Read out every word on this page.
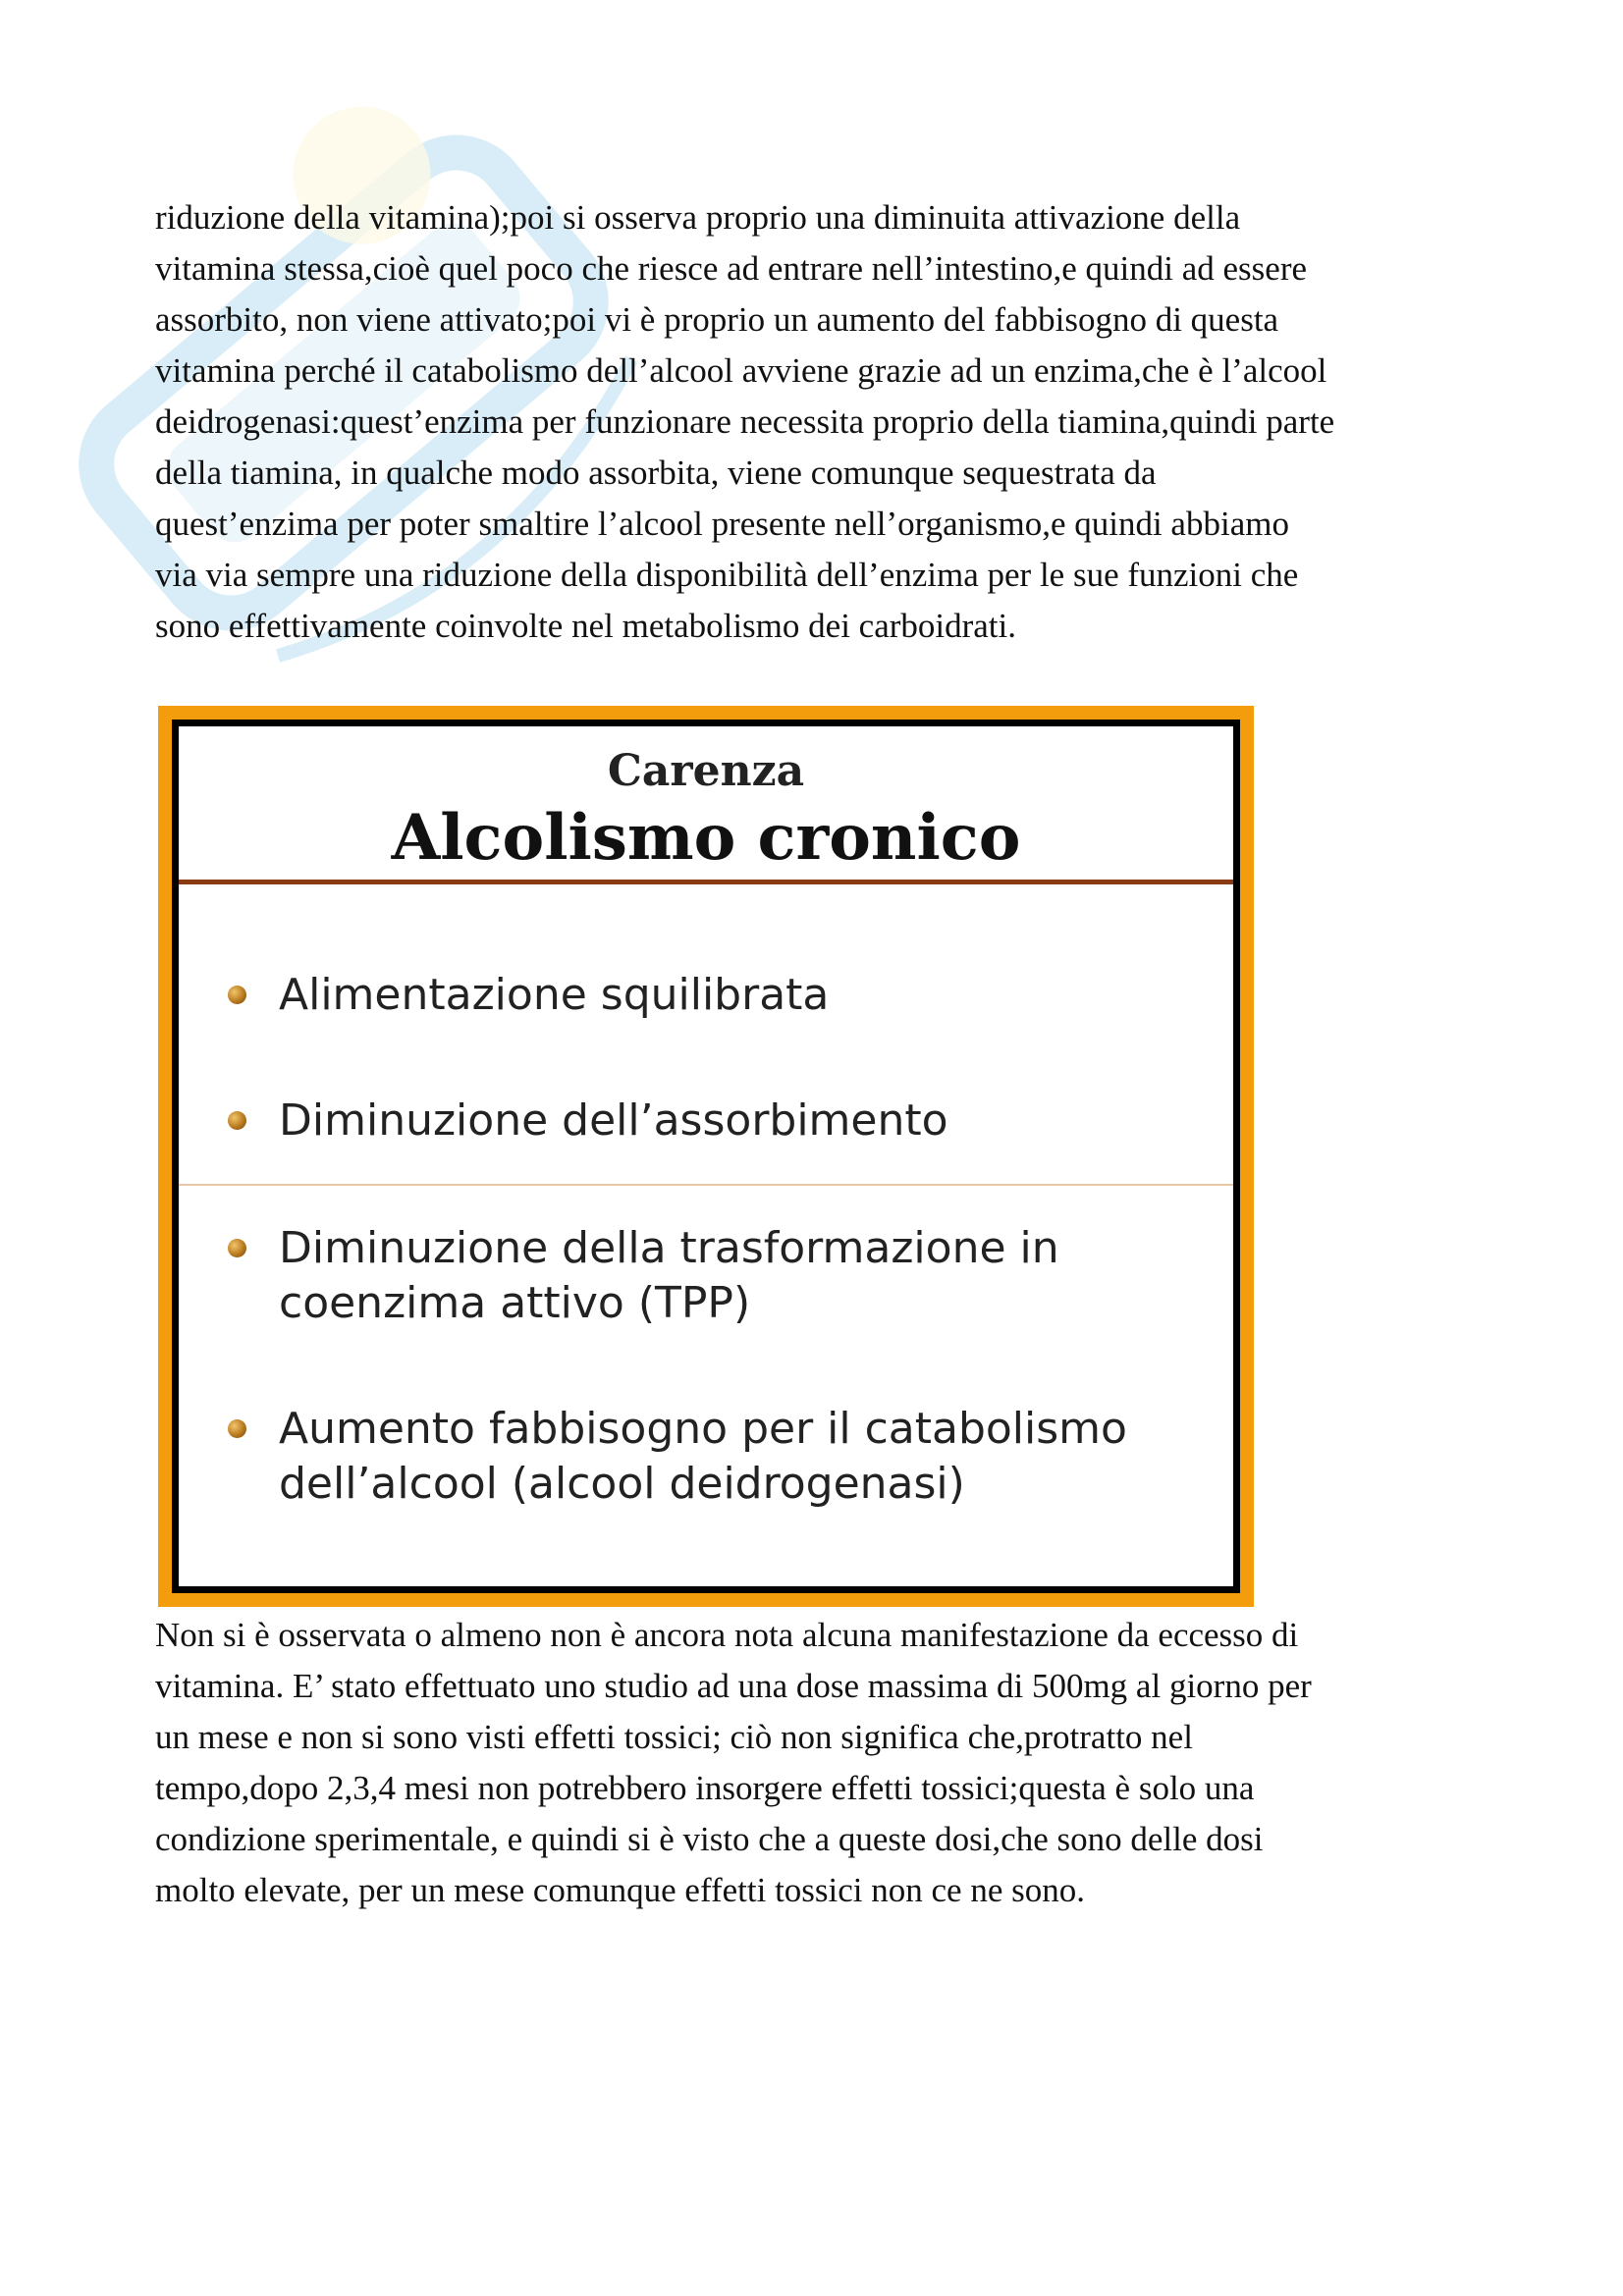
riduzione della vitamina);poi si osserva proprio una diminuita attivazione della
vitamina stessa,cioè quel poco che riesce ad entrare nell’intestino,e quindi ad essere
assorbito, non viene attivato;poi vi è proprio un aumento del fabbisogno di questa
vitamina perché il catabolismo dell’alcool avviene grazie ad un enzima,che è l’alcool
deidrogenasi:quest’enzima per funzionare necessita proprio della tiamina,quindi parte
della tiamina, in qualche modo assorbita, viene comunque sequestrata da
quest’enzima per poter smaltire l’alcool presente nell’organismo,e quindi abbiamo
via via sempre una riduzione della disponibilità dell’enzima per le sue funzioni che
sono effettivamente coinvolte nel metabolismo dei carboidrati.

Carenza
Alcolismo cronico
Alimentazione squilibrata
Diminuzione dell’assorbimento
Diminuzione della trasformazione in
coenzima attivo (TPP)
Aumento fabbisogno per il catabolismo
dell’alcool (alcool deidrogenasi)

Non si è osservata o almeno non è ancora nota alcuna manifestazione da eccesso di
vitamina. E’ stato effettuato uno studio ad una dose massima di 500mg al giorno per
un mese e non si sono visti effetti tossici; ciò non significa che,protratto nel
tempo,dopo 2,3,4 mesi non potrebbero insorgere effetti tossici;questa è solo una
condizione sperimentale, e quindi si è visto che a queste dosi,che sono delle dosi
molto elevate, per un mese comunque effetti tossici non ce ne sono.
